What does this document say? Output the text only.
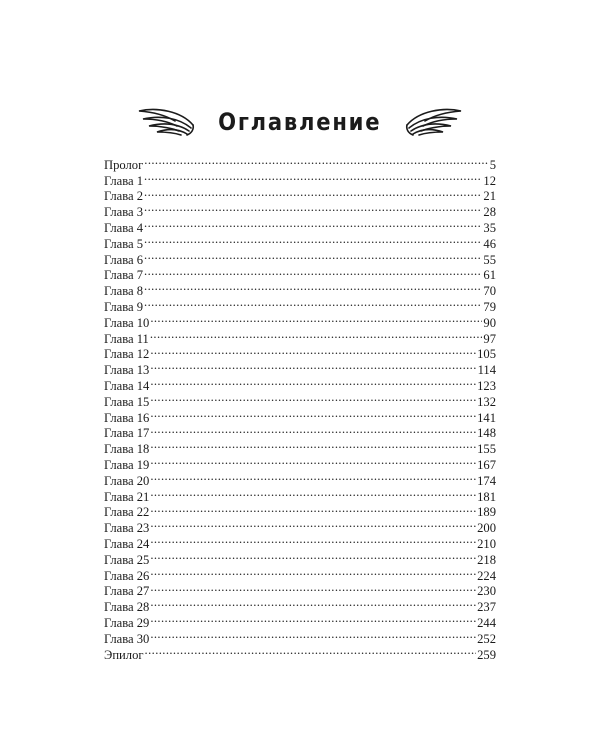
Оглавление
Пролог .....	5
Глава 1 .....	12
Глава 2 .....	21
Глава 3 .....	28
Глава 4 .....	35
Глава 5 .....	46
Глава 6 .....	55
Глава 7 .....	61
Глава 8 .....	70
Глава 9 .....	79
Глава 10 .....	90
Глава 11 .....	97
Глава 12 .....	105
Глава 13 .....	114
Глава 14 .....	123
Глава 15 .....	132
Глава 16 .....	141
Глава 17 .....	148
Глава 18 .....	155
Глава 19 .....	167
Глава 20 .....	174
Глава 21 .....	181
Глава 22 .....	189
Глава 23 .....	200
Глава 24 .....	210
Глава 25 .....	218
Глава 26 .....	224
Глава 27 .....	230
Глава 28 .....	237
Глава 29 .....	244
Глава 30 .....	252
Эпилог .....	259
